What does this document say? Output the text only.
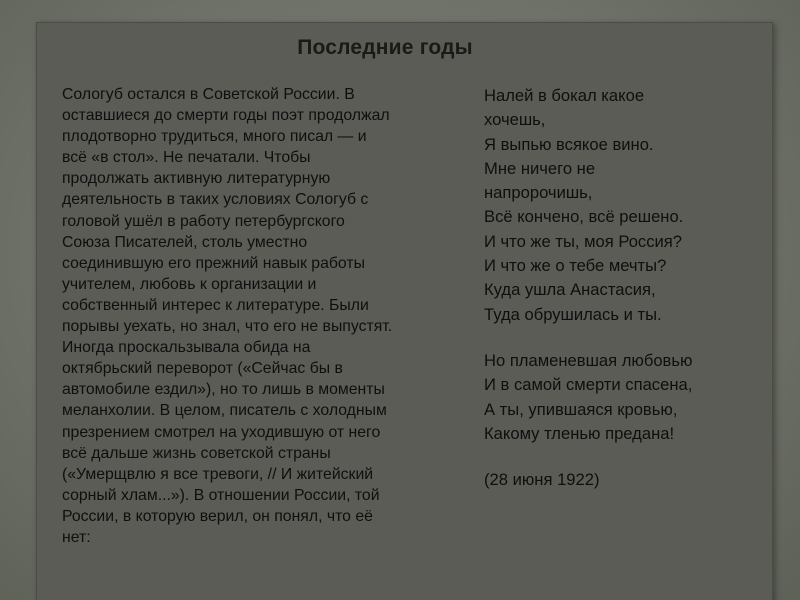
Последние годы
Сологуб остался в Советской России. В
оставшиеся до смерти годы поэт продолжал
плодотворно трудиться, много писал — и
всё «в стол». Не печатали. Чтобы
продолжать активную литературную
деятельность в таких условиях Сологуб с
головой ушёл в работу петербургского
Союза Писателей, столь уместно
соединившую его прежний навык работы
учителем, любовь к организации и
собственный интерес к литературе. Были
порывы уехать, но знал, что его не выпустят.
Иногда проскальзывала обида на
октябрьский переворот («Сейчас бы в
автомобиле ездил»), но то лишь в моменты
меланхолии. В целом, писатель с холодным
презрением смотрел на уходившую от него
всё дальше жизнь советской страны
(«Умерщвлю я все тревоги, // И житейский
сорный хлам...»). В отношении России, той
России, в которую верил, он понял, что её
нет:
Налей в бокал какое
хочешь,
Я выпью всякое вино.
Мне ничего не
напророчишь,
Всё кончено, всё решено.
И что же ты, моя Россия?
И что же о тебе мечты?
Куда ушла Анастасия,
Туда обрушилась и ты.
Но пламеневшая любовью
И в самой смерти спасена,
А ты, упившаяся кровью,
Какому тленью предана!
(28 июня 1922)
